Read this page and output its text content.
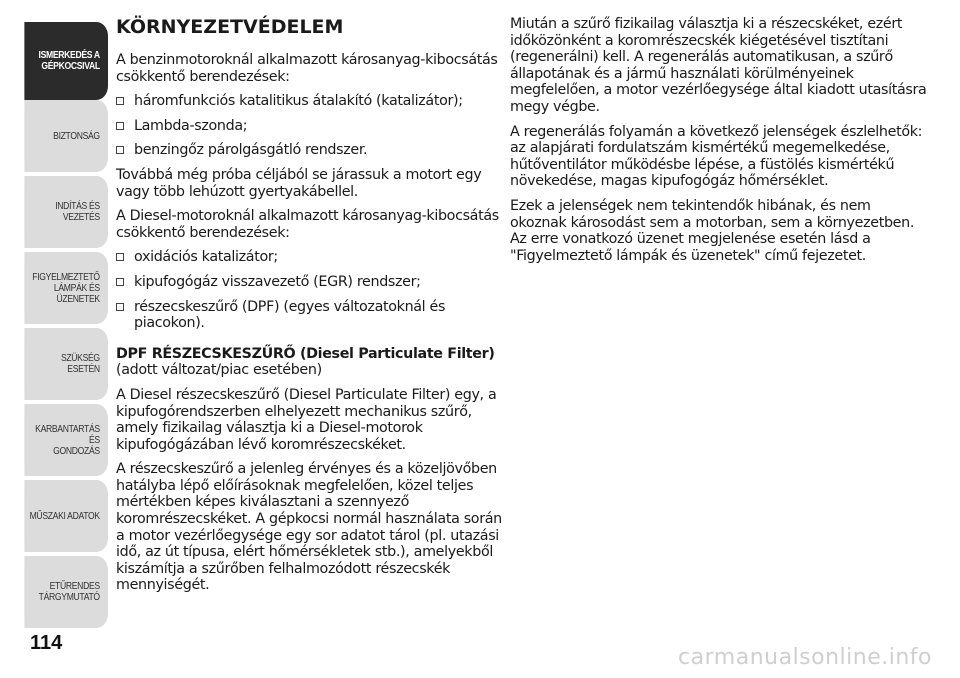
ISMERKEDÉS A
GÉPKOCSIVAL
BIZTONSÁG
INDÍTÁS ÉS VEZETÉS
FIGYELMEZTETŐ
LÁMPÁK ÉS
ÜZENETEK
SZÜKSÉG ESETÉN
KARBANTARTÁS ÉS
GONDOZÁS
MŰSZAKI ADATOK
ETŰRENDES
TÁRGYMUTATÓ
114
KÖRNYEZETVÉDELEM

A benzinmotoroknál alkalmazott károsanyag-kibocsátás csökkentő berendezések:

háromfunkciós katalitikus átalakító (katalizátor);
Lambda-szonda;
benzingőz párolgásgátló rendszer.

Továbbá még próba céljából se járassuk a motort egy vagy több lehúzott gyertyakábellel.

A Diesel-motoroknál alkalmazott károsanyag-kibocsátás csökkentő berendezések:

oxidációs katalizátor;
kipufogógáz visszavezető (EGR) rendszer;
részecskeszűrő (DPF) (egyes változatoknál és piacokon).
DPF RÉSZECSKESZŰRŐ (Diesel Particulate Filter)

(adott változat/piac esetében)

A Diesel részecskeszűrő (Diesel Particulate Filter) egy, a kipufogórendszerben elhelyezett mechanikus szűrő, amely fizikailag választja ki a Diesel-motorok kipufogógázában lévő koromrészecskéket.

A részecskeszűrő a jelenleg érvényes és a közeljövőben hatályba lépő előírásoknak megfelelően, közel teljes mértékben képes kiválasztani a szennyező koromrészecskéket. A gépkocsi normál használata során a motor vezérlőegysége egy sor adatot tárol (pl. utazási idő, az út típusa, elért hőmérsékletek stb.), amelyekből kiszámítja a szűrőben felhalmozódott részecskék mennyiségét.

Miután a szűrő fizikailag választja ki a részecskéket, ezért időközönként a koromrészecskék kiégetésével tisztítani (regenerálni) kell. A regenerálás automatikusan, a szűrő állapotának és a jármű használati körülményeinek megfelelően, a motor vezérlőegysége által kiadott utasításra megy végbe.

A regenerálás folyamán a következő jelenségek észlelhetők: az alapjárati fordulatszám kismértékű megemelkedése, hűtőventilátor működésbe lépése, a füstölés kismértékű növekedése, magas kipufogógáz hőmérséklet.

Ezek a jelenségek nem tekintendők hibának, és nem okoznak károsodást sem a motorban, sem a környezetben. Az erre vonatkozó üzenet megjelenése esetén lásd a "Figyelmeztető lámpák és üzenetek" című fejezetet.

carmanualsonline.info
